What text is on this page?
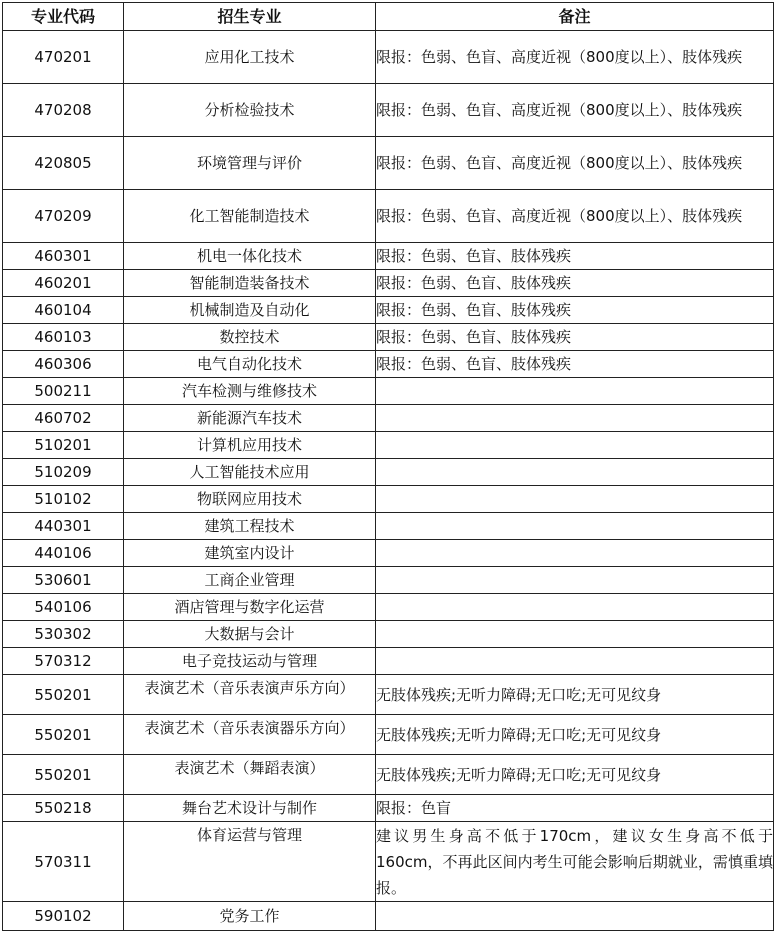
专业代码	招生专业	备注
470201	应用化工技术	限报：色弱、色盲、高度近视（800度以上）、肢体残疾
470208	分析检验技术	限报：色弱、色盲、高度近视（800度以上）、肢体残疾
420805	环境管理与评价	限报：色弱、色盲、高度近视（800度以上）、肢体残疾
470209	化工智能制造技术	限报：色弱、色盲、高度近视（800度以上）、肢体残疾
460301	机电一体化技术	限报：色弱、色盲、肢体残疾
460201	智能制造装备技术	限报：色弱、色盲、肢体残疾
460104	机械制造及自动化	限报：色弱、色盲、肢体残疾
460103	数控技术	限报：色弱、色盲、肢体残疾
460306	电气自动化技术	限报：色弱、色盲、肢体残疾
500211	汽车检测与维修技术	
460702	新能源汽车技术	
510201	计算机应用技术	
510209	人工智能技术应用	
510102	物联网应用技术	
440301	建筑工程技术	
440106	建筑室内设计	
530601	工商企业管理	
540106	酒店管理与数字化运营	
530302	大数据与会计	
570312	电子竞技运动与管理	
550201	表演艺术（音乐表演声乐方向）	无肢体残疾;无听力障碍;无口吃;无可见纹身
550201	表演艺术（音乐表演器乐方向）	无肢体残疾;无听力障碍;无口吃;无可见纹身
550201	表演艺术（舞蹈表演）	无肢体残疾;无听力障碍;无口吃;无可见纹身
550218	舞台艺术设计与制作	限报：色盲
570311	体育运营与管理	建议男生身高不低于170cm，建议女生身高不低于160cm，不再此区间内考生可能会影响后期就业，需慎重填报。
590102	党务工作	
